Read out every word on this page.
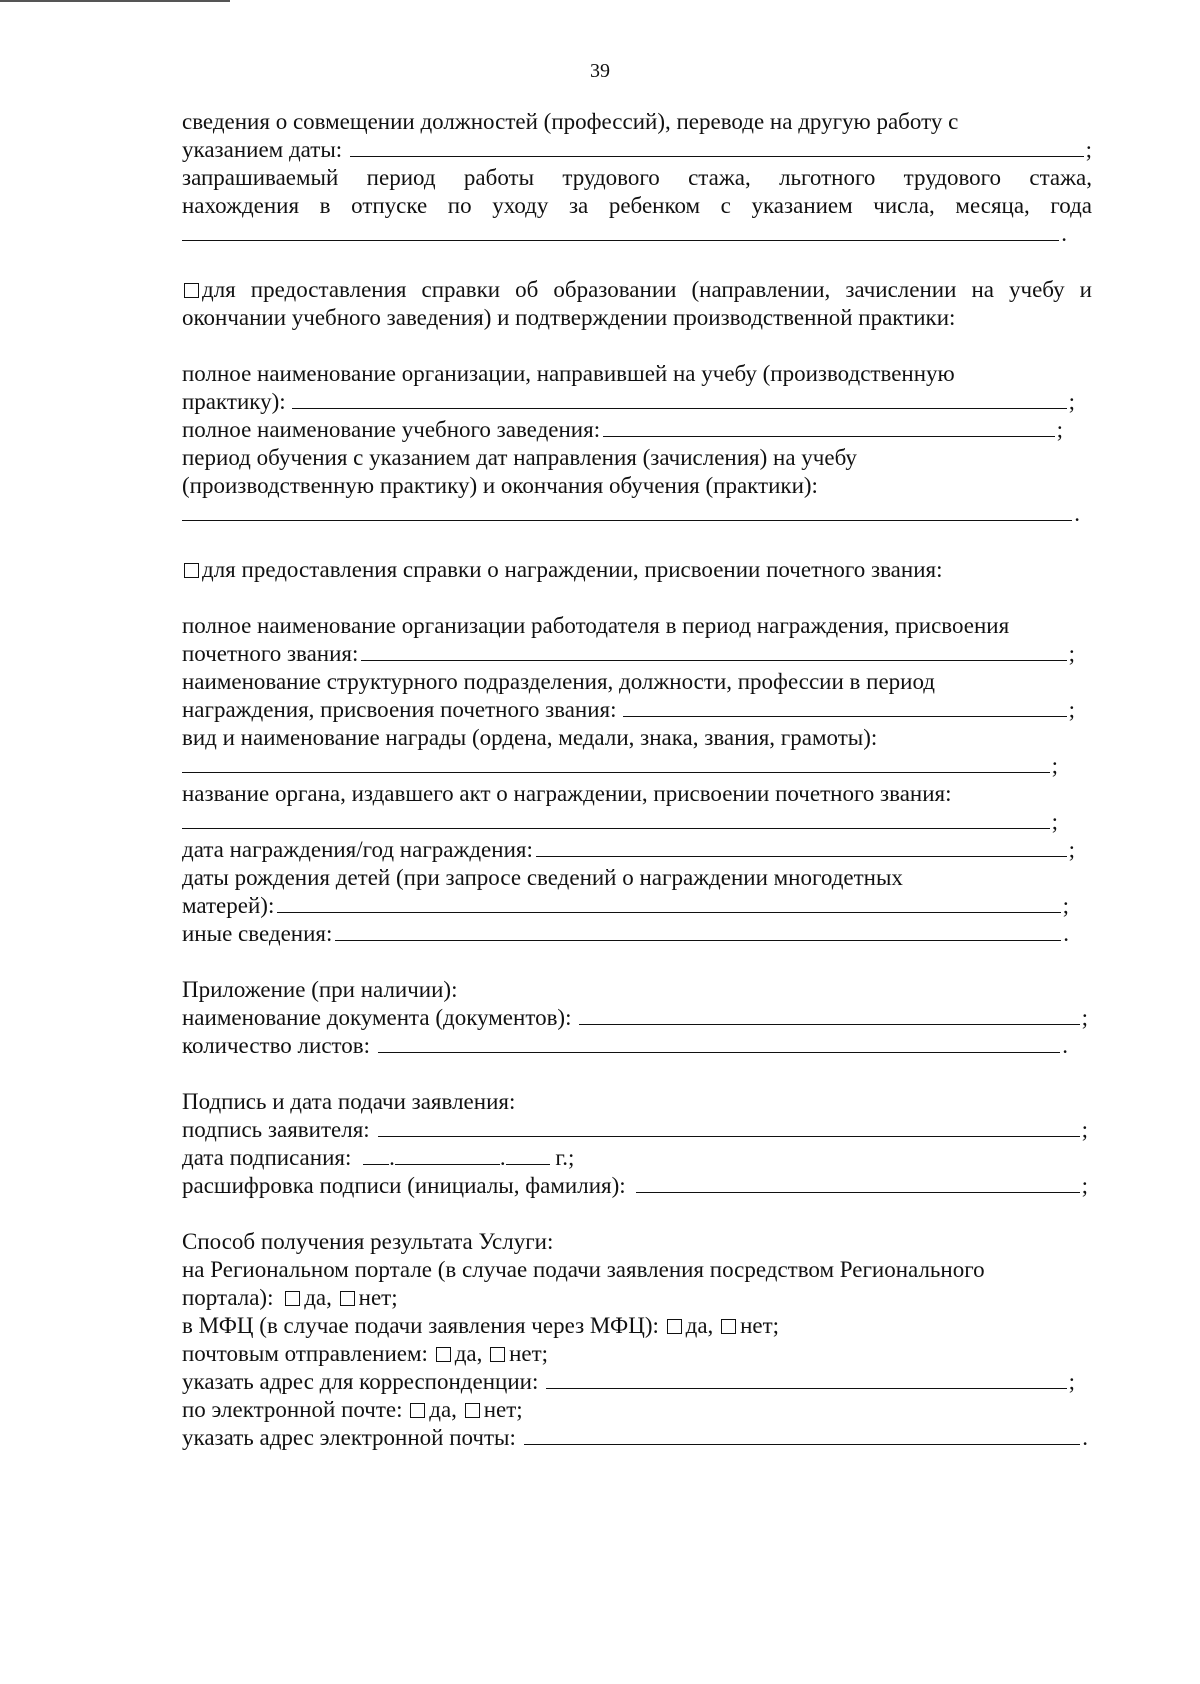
39
сведения о совмещении должностей (профессий), переводе на другую работу с
указанием даты:	;
запрашиваемый период работы трудового стажа, льготного трудового стажа,
нахождения в отпуске по уходу за ребенком с указанием числа, месяца, года
.
для предоставления справки об образовании (направлении, зачислении на учебу и
окончании учебного заведения) и подтверждении производственной практики:
полное наименование организации, направившей на учебу (производственную
практику):	;
полное наименование учебного заведения:	;
период обучения с указанием дат направления (зачисления) на учебу
(производственную практику) и окончания обучения (практики):
.
для предоставления справки о награждении, присвоении почетного звания:
полное наименование организации работодателя в период награждения, присвоения
почетного звания:	;
наименование структурного подразделения, должности, профессии в период
награждения, присвоения почетного звания:	;
вид и наименование награды (ордена, медали, знака, звания, грамоты):
;
название органа, издавшего акт о награждении, присвоении почетного звания:
;
дата награждения/год награждения:	;
даты рождения детей (при запросе сведений о награждении многодетных
матерей):	;
иные сведения:	.
Приложение (при наличии):
наименование документа (документов):	;
количество листов:	.
Подпись и дата подачи заявления:
подпись заявителя:	;
дата подписания: .	. г.;
расшифровка подписи (инициалы, фамилия):	;
Способ получения результата Услуги:
на Региональном портале (в случае подачи заявления посредством Регионального
портала): да, нет;
в МФЦ (в случае подачи заявления через МФЦ): да, нет;
почтовым отправлением: да, нет;
указать адрес для корреспонденции:	;
по электронной почте: да, нет;
указать адрес электронной почты:	.
